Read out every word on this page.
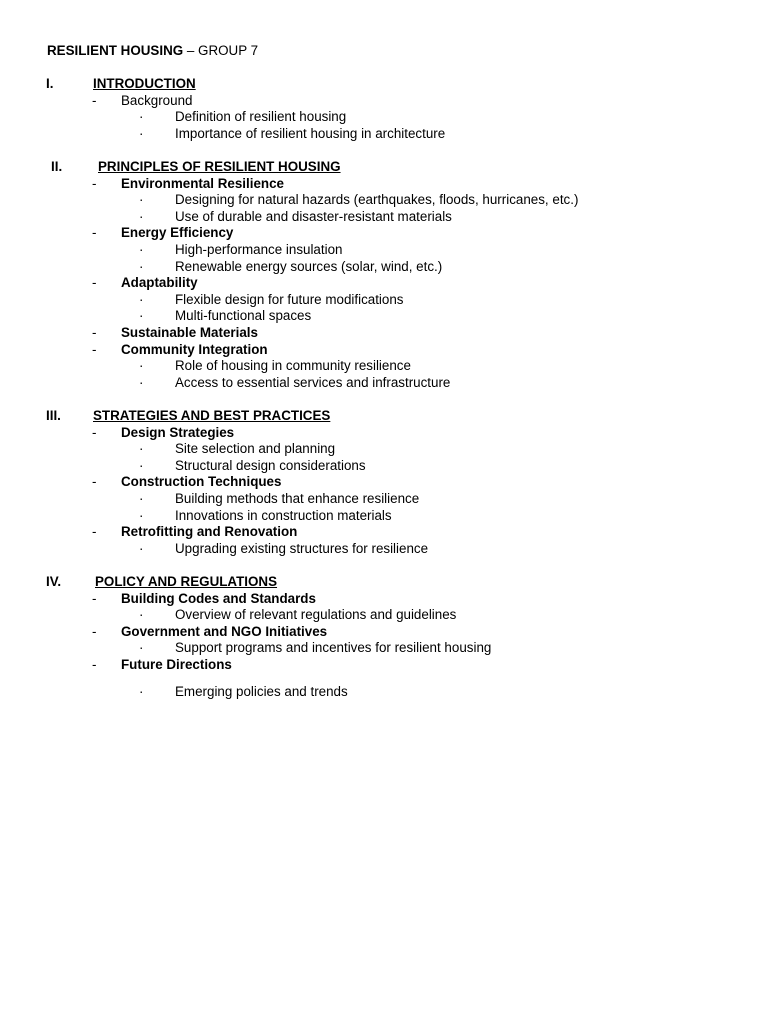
RESILIENT HOUSING – GROUP 7
I.	INTRODUCTION
- Background
· Definition of resilient housing
· Importance of resilient housing in architecture
II.	PRINCIPLES OF RESILIENT HOUSING
- Environmental Resilience
· Designing for natural hazards (earthquakes, floods, hurricanes, etc.)
· Use of durable and disaster-resistant materials
- Energy Efficiency
· High-performance insulation
· Renewable energy sources (solar, wind, etc.)
- Adaptability
· Flexible design for future modifications
· Multi-functional spaces
- Sustainable Materials
- Community Integration
· Role of housing in community resilience
· Access to essential services and infrastructure
III. STRATEGIES AND BEST PRACTICES
- Design Strategies
· Site selection and planning
· Structural design considerations
- Construction Techniques
· Building methods that enhance resilience
· Innovations in construction materials
- Retrofitting and Renovation
· Upgrading existing structures for resilience
IV.	POLICY AND REGULATIONS
- Building Codes and Standards
· Overview of relevant regulations and guidelines
- Government and NGO Initiatives
· Support programs and incentives for resilient housing
- Future Directions
· Emerging policies and trends
